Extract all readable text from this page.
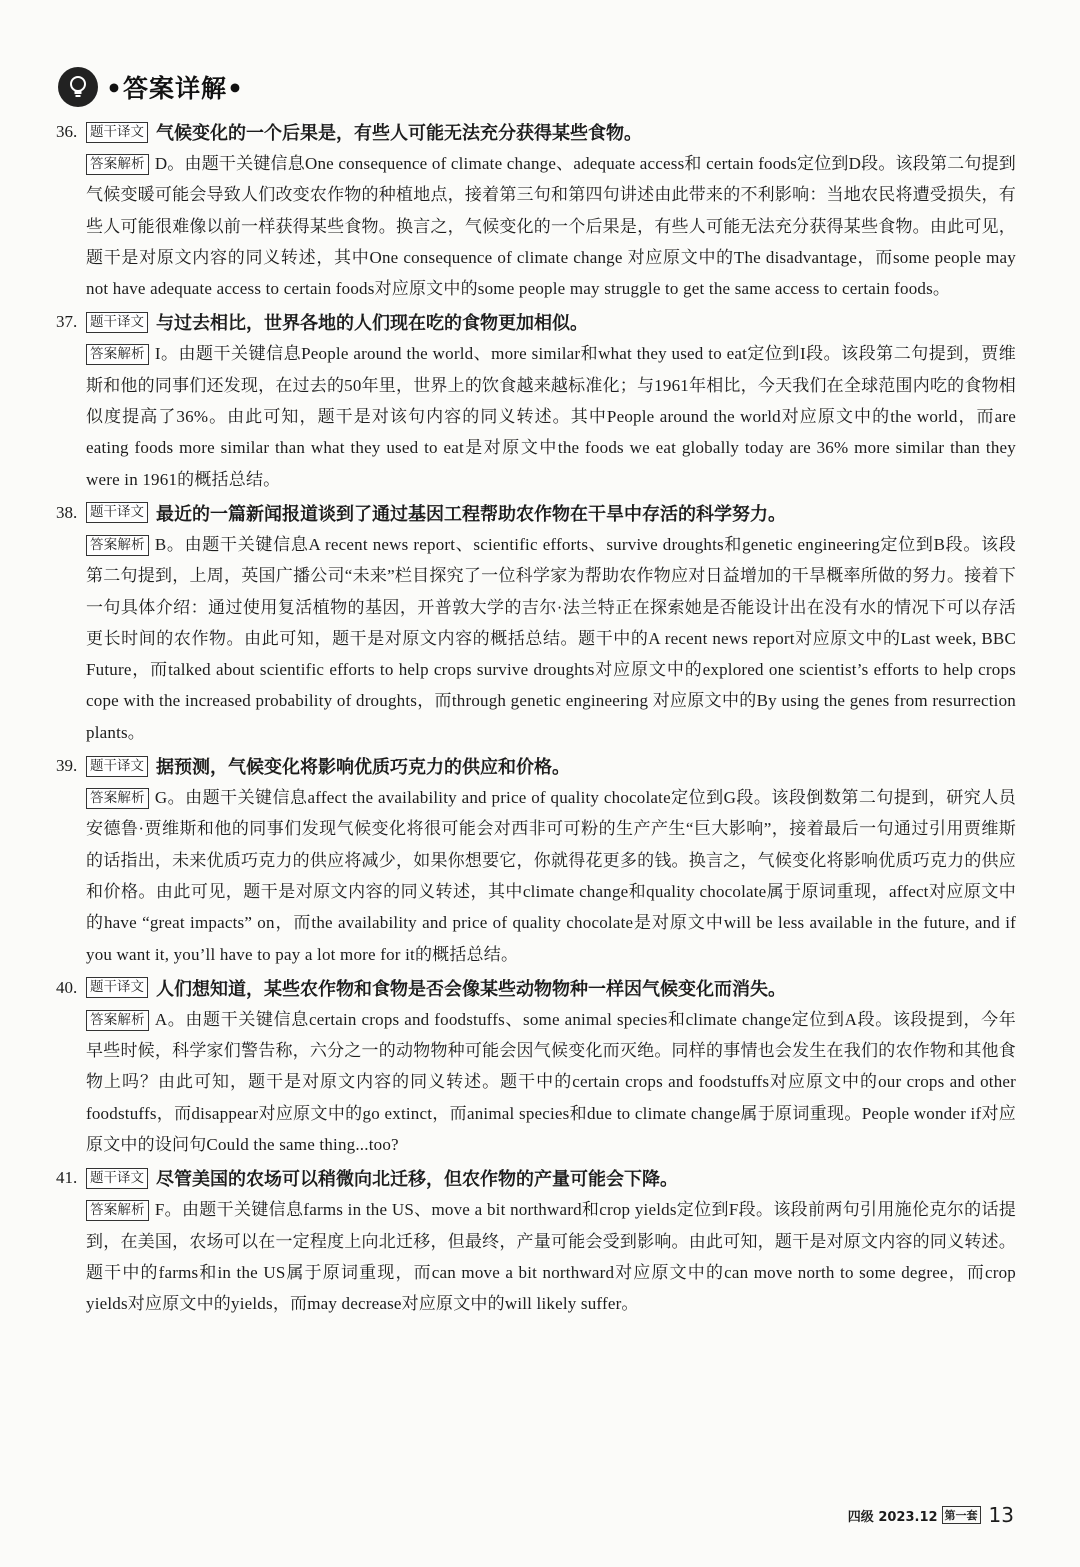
•答案详解•
36. 题干译文 气候变化的一个后果是，有些人可能无法充分获得某些食物。
答案解析 D。由题干关键信息One consequence of climate change、adequate access和 certain foods定位到D段。该段第二句提到气候变暖可能会导致人们改变农作物的种植地点，接着第三句和第四句讲述由此带来的不利影响：当地农民将遭受损失，有些人可能很难像以前一样获得某些食物。换言之，气候变化的一个后果是，有些人可能无法充分获得某些食物。由此可见，题干是对原文内容的同义转述，其中One consequence of climate change 对应原文中的The disadvantage，而some people may not have adequate access to certain foods对应原文中的some people may struggle to get the same access to certain foods。
37. 题干译文 与过去相比，世界各地的人们现在吃的食物更加相似。
答案解析 I。由题干关键信息People around the world、more similar和what they used to eat定位到I段。该段第二句提到，贾维斯和他的同事们还发现，在过去的50年里，世界上的饮食越来越标准化；与1961年相比，今天我们在全球范围内吃的食物相似度提高了36%。由此可知，题干是对该句内容的同义转述。其中People around the world对应原文中的the world，而are eating foods more similar than what they used to eat是对原文中the foods we eat globally today are 36% more similar than they were in 1961的概括总结。
38. 题干译文 最近的一篇新闻报道谈到了通过基因工程帮助农作物在干旱中存活的科学努力。
答案解析 B。由题干关键信息A recent news report、scientific efforts、survive droughts和genetic engineering定位到B段。该段第二句提到，上周，英国广播公司“未来”栏目探究了一位科学家为帮助农作物应对日益增加的干旱概率所做的努力。接着下一句具体介绍：通过使用复活植物的基因，开普敦大学的吉尔·法兰特正在探索她是否能设计出在没有水的情况下可以存活更长时间的农作物。由此可知，题干是对原文内容的概括总结。题干中的A recent news report对应原文中的Last week, BBC Future，而talked about scientific efforts to help crops survive droughts对应原文中的explored one scientist’s efforts to help crops cope with the increased probability of droughts，而through genetic engineering 对应原文中的By using the genes from resurrection plants。
39. 题干译文 据预测，气候变化将影响优质巧克力的供应和价格。
答案解析 G。由题干关键信息affect the availability and price of quality chocolate定位到G段。该段倒数第二句提到，研究人员安德鲁·贾维斯和他的同事们发现气候变化将很可能会对西非可可粉的生产产生“巨大影响”，接着最后一句通过引用贾维斯的话指出，未来优质巧克力的供应将减少，如果你想要它，你就得花更多的钱。换言之，气候变化将影响优质巧克力的供应和价格。由此可见，题干是对原文内容的同义转述，其中climate change和quality chocolate属于原词重现，affect对应原文中的have “great impacts” on，而the availability and price of quality chocolate是对原文中will be less available in the future, and if you want it, you’ll have to pay a lot more for it的概括总结。
40. 题干译文 人们想知道，某些农作物和食物是否会像某些动物物种一样因气候变化而消失。
答案解析 A。由题干关键信息certain crops and foodstuffs、some animal species和climate change定位到A段。该段提到，今年早些时候，科学家们警告称，六分之一的动物物种可能会因气候变化而灭绝。同样的事情也会发生在我们的农作物和其他食物上吗？由此可知，题干是对原文内容的同义转述。题干中的certain crops and foodstuffs对应原文中的our crops and other foodstuffs，而disappear对应原文中的go extinct，而animal species和due to climate change属于原词重现。People wonder if对应原文中的设问句Could the same thing...too?
41. 题干译文 尽管美国的农场可以稍微向北迁移，但农作物的产量可能会下降。
答案解析 F。由题干关键信息farms in the US、move a bit northward和crop yields定位到F段。该段前两句引用施伦克尔的话提到，在美国，农场可以在一定程度上向北迁移，但最终，产量可能会受到影响。由此可知，题干是对原文内容的同义转述。题干中的farms和in the US属于原词重现，而can move a bit northward对应原文中的can move north to some degree，而crop yields对应原文中的yields，而may decrease对应原文中的will likely suffer。
四级 2023.12 第一套 13
